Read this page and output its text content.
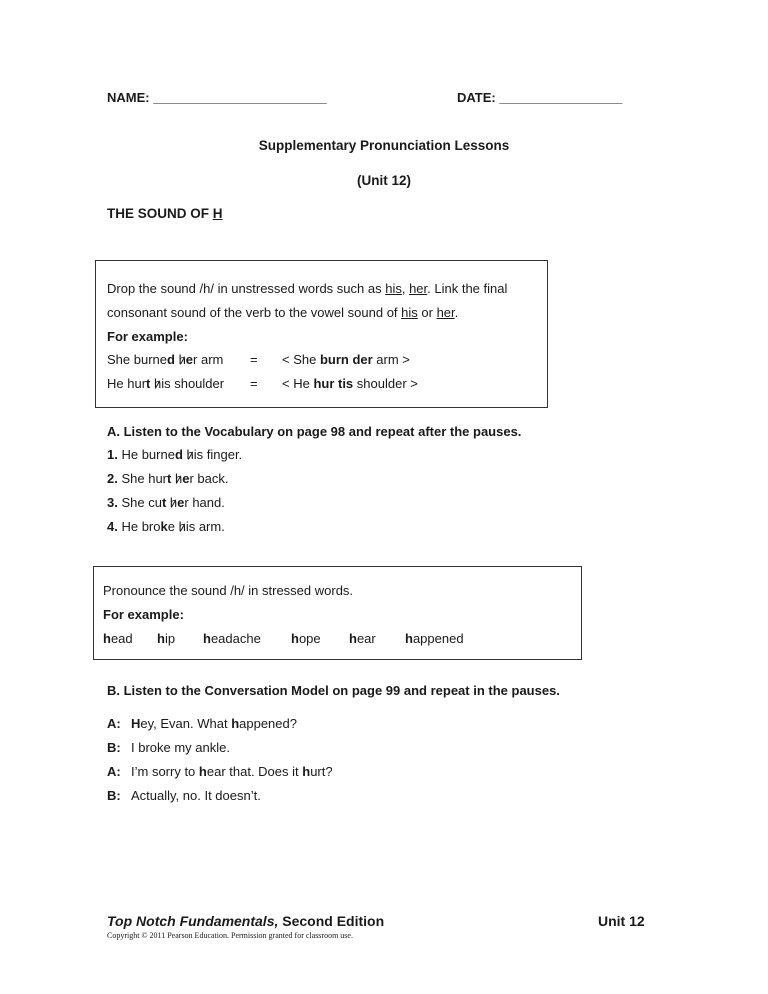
NAME: ________________________	DATE: _________________
Supplementary Pronunciation Lessons
(Unit 12)
THE SOUND OF H
Drop the sound /h/ in unstressed words such as his, her. Link the final
consonant sound of the verb to the vowel sound of his or her.
For example:
She burned her arm = < She burn der arm >
He hurt his shoulder = < He hur tis shoulder >
A. Listen to the Vocabulary on page 98 and repeat after the pauses.
1. He burned his finger.
2. She hurt her back.
3. She cut her hand.
4. He broke his arm.
Pronounce the sound /h/ in stressed words.
For example:
head hip headache hope hear happened
B. Listen to the Conversation Model on page 99 and repeat in the pauses.
A: Hey, Evan. What happened?
B: I broke my ankle.
A: I’m sorry to hear that. Does it hurt?
B: Actually, no. It doesn’t.
Top Notch Fundamentals, Second Edition	Unit 12
Copyright © 2011 Pearson Education. Permission granted for classroom use.
